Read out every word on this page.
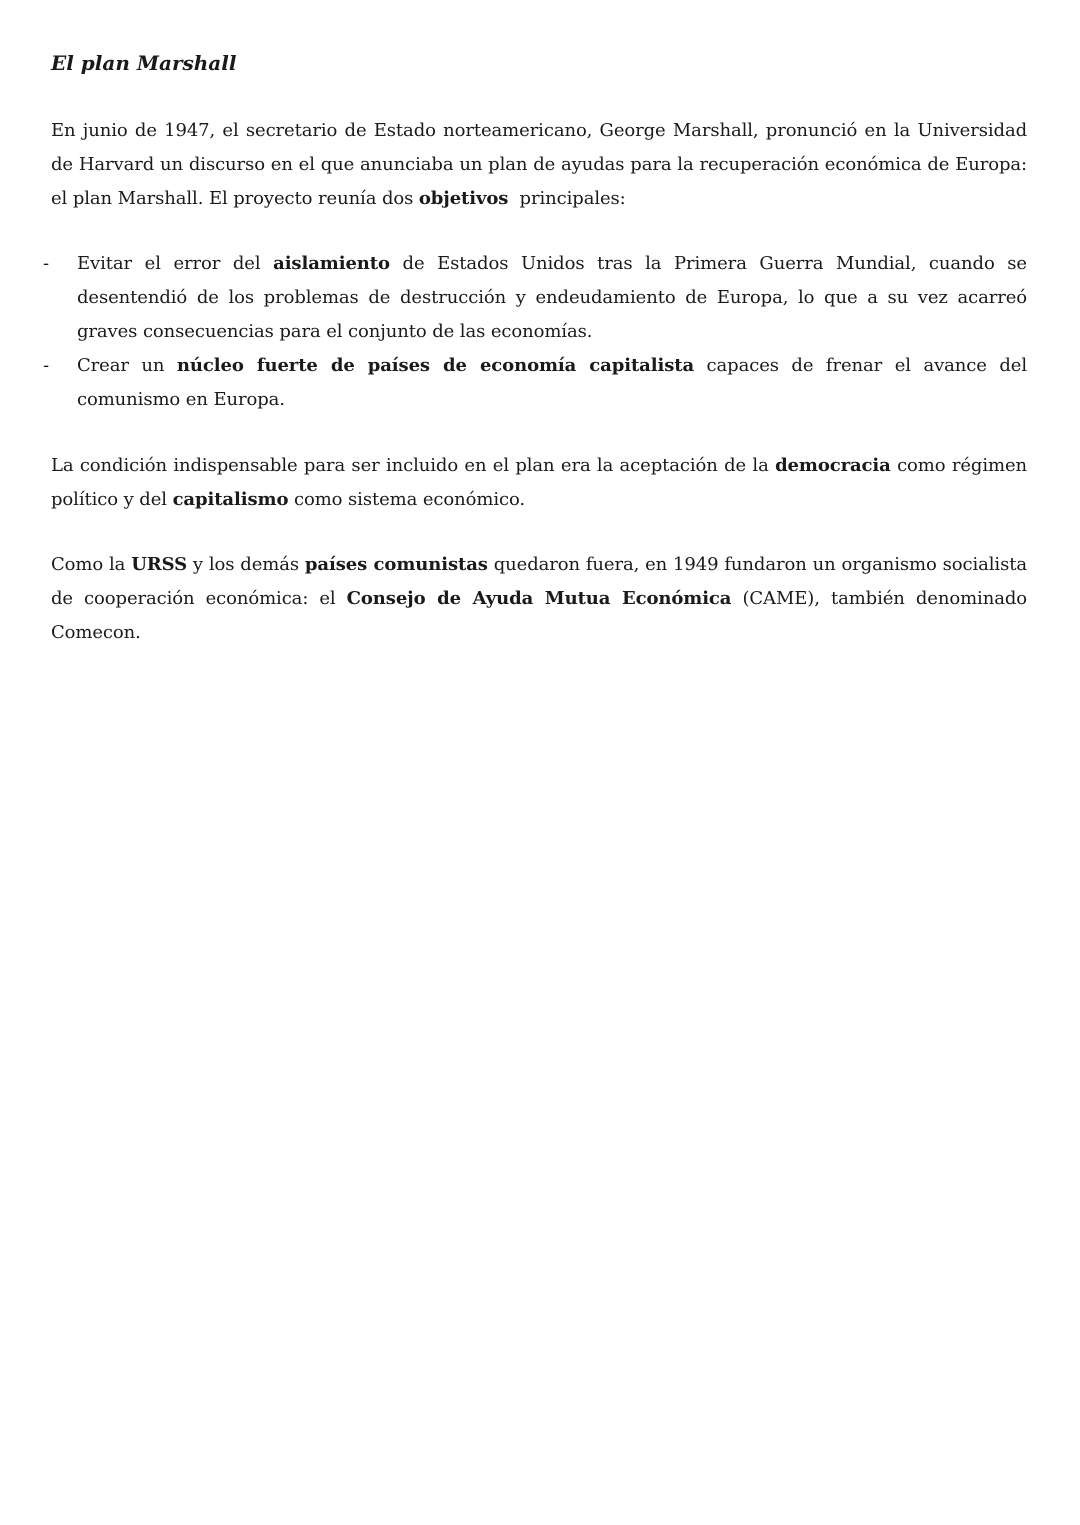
El plan Marshall

En junio de 1947, el secretario de Estado norteamericano, George Marshall, pronunció en la Universidad de Harvard un discurso en el que anunciaba un plan de ayudas para la recuperación económica de Europa: el plan Marshall. El proyecto reunía dos objetivos  principales:

- Evitar el error del aislamiento de Estados Unidos tras la Primera Guerra Mundial, cuando se desentendió de los problemas de destrucción y endeudamiento de Europa, lo que a su vez acarreó graves consecuencias para el conjunto de las economías.
- Crear un núcleo fuerte de países de economía capitalista capaces de frenar el avance del comunismo en Europa.

La condición indispensable para ser incluido en el plan era la aceptación de la democracia como régimen político y del capitalismo como sistema económico.

Como la URSS y los demás países comunistas quedaron fuera, en 1949 fundaron un organismo socialista de cooperación económica: el Consejo de Ayuda Mutua Económica (CAME), también denominado Comecon.
